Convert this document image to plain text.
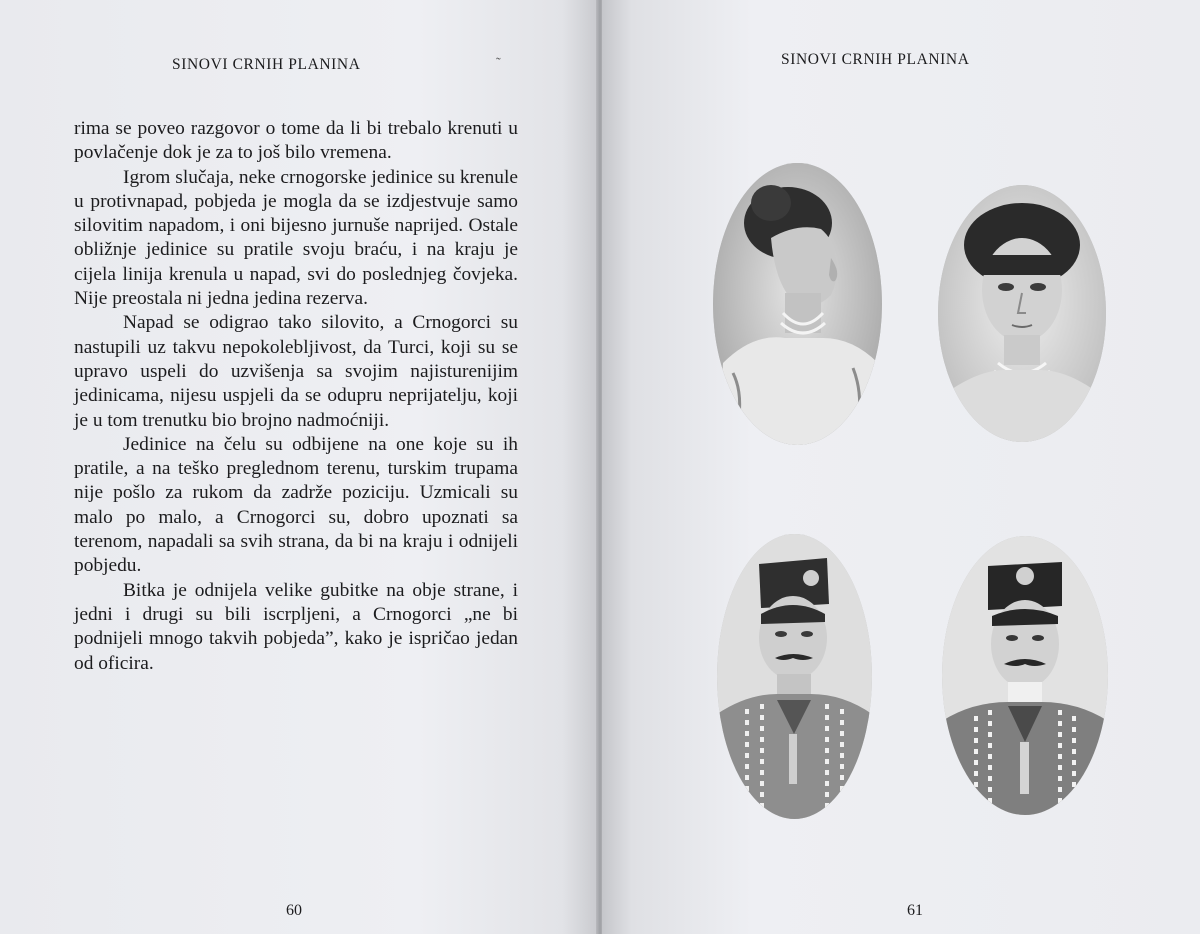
SINOVI CRNIH PLANINA	˜

rima se poveo razgovor o tome da li bi trebalo krenuti u povlačenje dok je za to još bilo vremena.

Igrom slučaja, neke crnogorske jedinice su krenule u protivnapad, pobjeda je mogla da se izdjestvuje samo silovitim napadom, i oni bijesno jurnuše naprijed. Ostale obližnje jedinice su pratile svoju braću, i na kraju je cijela linija krenula u napad, svi do poslednjeg čovjeka. Nije preostala ni jedna jedina rezerva.

Napad se odigrao tako silovito, a Crnogorci su nastupili uz takvu nepokolebljivost, da Turci, koji su se upravo uspeli do uzvišenja sa svojim najistureniјim jedinicama, nijesu uspjeli da se odupru neprijatelju, koji je u tom trenutku bio brojno nadmoćniji.

Jedinice na čelu su odbijene na one koje su ih pratile, a na teško preglednom terenu, turskim trupama nije pošlo za rukom da zadrže poziciju. Uzmicali su malo po malo, a Crnogorci su, dobro upoznati sa terenom, napadali sa svih strana, da bi na kraju i odnijeli pobjedu.

Bitka je odnijela velike gubitke na obje strane, i jedni i drugi su bili iscrpljeni, a Crnogorci „ne bi podnijeli mnogo takvih pobjeda”, kako je ispričao jedan od oficira.

60
SINOVI CRNIH PLANINA
61
